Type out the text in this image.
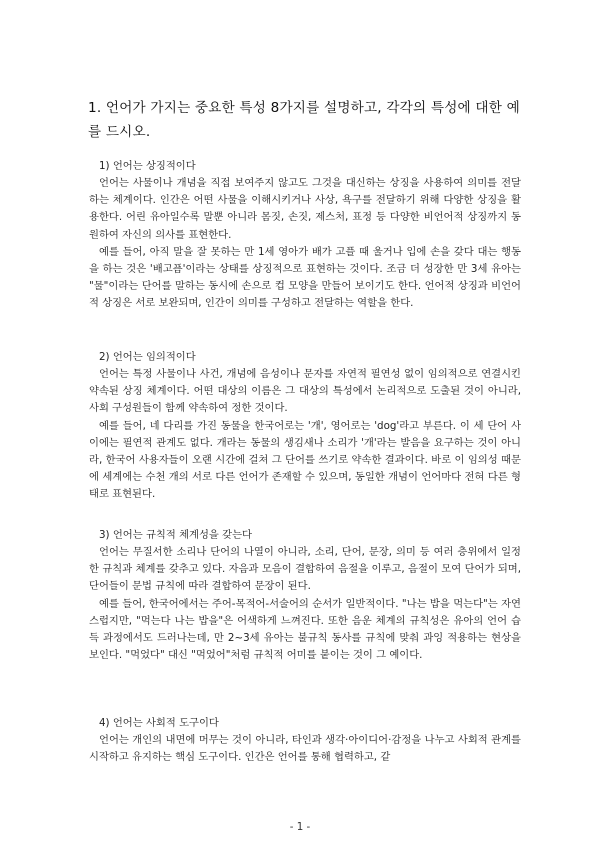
1. 언어가 가지는 중요한 특성 8가지를 설명하고, 각각의 특성에 대한 예를 드시오.
1) 언어는 상징적이다

언어는 사물이나 개념을 직접 보여주지 않고도 그것을 대신하는 상징을 사용하여 의미를 전달하는 체계이다. 인간은 어떤 사물을 이해시키거나 사상, 욕구를 전달하기 위해 다양한 상징을 활용한다. 어린 유아일수록 말뿐 아니라 몸짓, 손짓, 제스처, 표정 등 다양한 비언어적 상징까지 동원하여 자신의 의사를 표현한다.

예를 들어, 아직 말을 잘 못하는 만 1세 영아가 배가 고플 때 울거나 입에 손을 갖다 대는 행동을 하는 것은 '배고픔'이라는 상태를 상징적으로 표현하는 것이다. 조금 더 성장한 만 3세 유아는 "물"이라는 단어를 말하는 동시에 손으로 컵 모양을 만들어 보이기도 한다. 언어적 상징과 비언어적 상징은 서로 보완되며, 인간이 의미를 구성하고 전달하는 역할을 한다.

2) 언어는 임의적이다

언어는 특정 사물이나 사건, 개념에 음성이나 문자를 자연적 필연성 없이 임의적으로 연결시킨 약속된 상징 체계이다. 어떤 대상의 이름은 그 대상의 특성에서 논리적으로 도출된 것이 아니라, 사회 구성원들이 함께 약속하여 정한 것이다.

예를 들어, 네 다리를 가진 동물을 한국어로는 '개', 영어로는 'dog'라고 부른다. 이 세 단어 사이에는 필연적 관계도 없다. 개라는 동물의 생김새나 소리가 '개'라는 발음을 요구하는 것이 아니라, 한국어 사용자들이 오랜 시간에 걸쳐 그 단어를 쓰기로 약속한 결과이다. 바로 이 임의성 때문에 세계에는 수천 개의 서로 다른 언어가 존재할 수 있으며, 동일한 개념이 언어마다 전혀 다른 형태로 표현된다.

3) 언어는 규칙적 체계성을 갖는다

언어는 무질서한 소리나 단어의 나열이 아니라, 소리, 단어, 문장, 의미 등 여러 층위에서 일정한 규칙과 체계를 갖추고 있다. 자음과 모음이 결합하여 음절을 이루고, 음절이 모여 단어가 되며, 단어들이 문법 규칙에 따라 결합하여 문장이 된다.

예를 들어, 한국어에서는 주어-목적어-서술어의 순서가 일반적이다. "나는 밥을 먹는다"는 자연스럽지만, "먹는다 나는 밥을"은 어색하게 느껴진다. 또한 음운 체계의 규칙성은 유아의 언어 습득 과정에서도 드러나는데, 만 2~3세 유아는 불규칙 동사를 규칙에 맞춰 과잉 적용하는 현상을 보인다. "먹었다" 대신 "먹었어"처럼 규칙적 어미를 붙이는 것이 그 예이다.

4) 언어는 사회적 도구이다

언어는 개인의 내면에 머무는 것이 아니라, 타인과 생각·아이디어·감정을 나누고 사회적 관계를 시작하고 유지하는 핵심 도구이다. 인간은 언어를 통해 협력하고, 같

- 1 -
